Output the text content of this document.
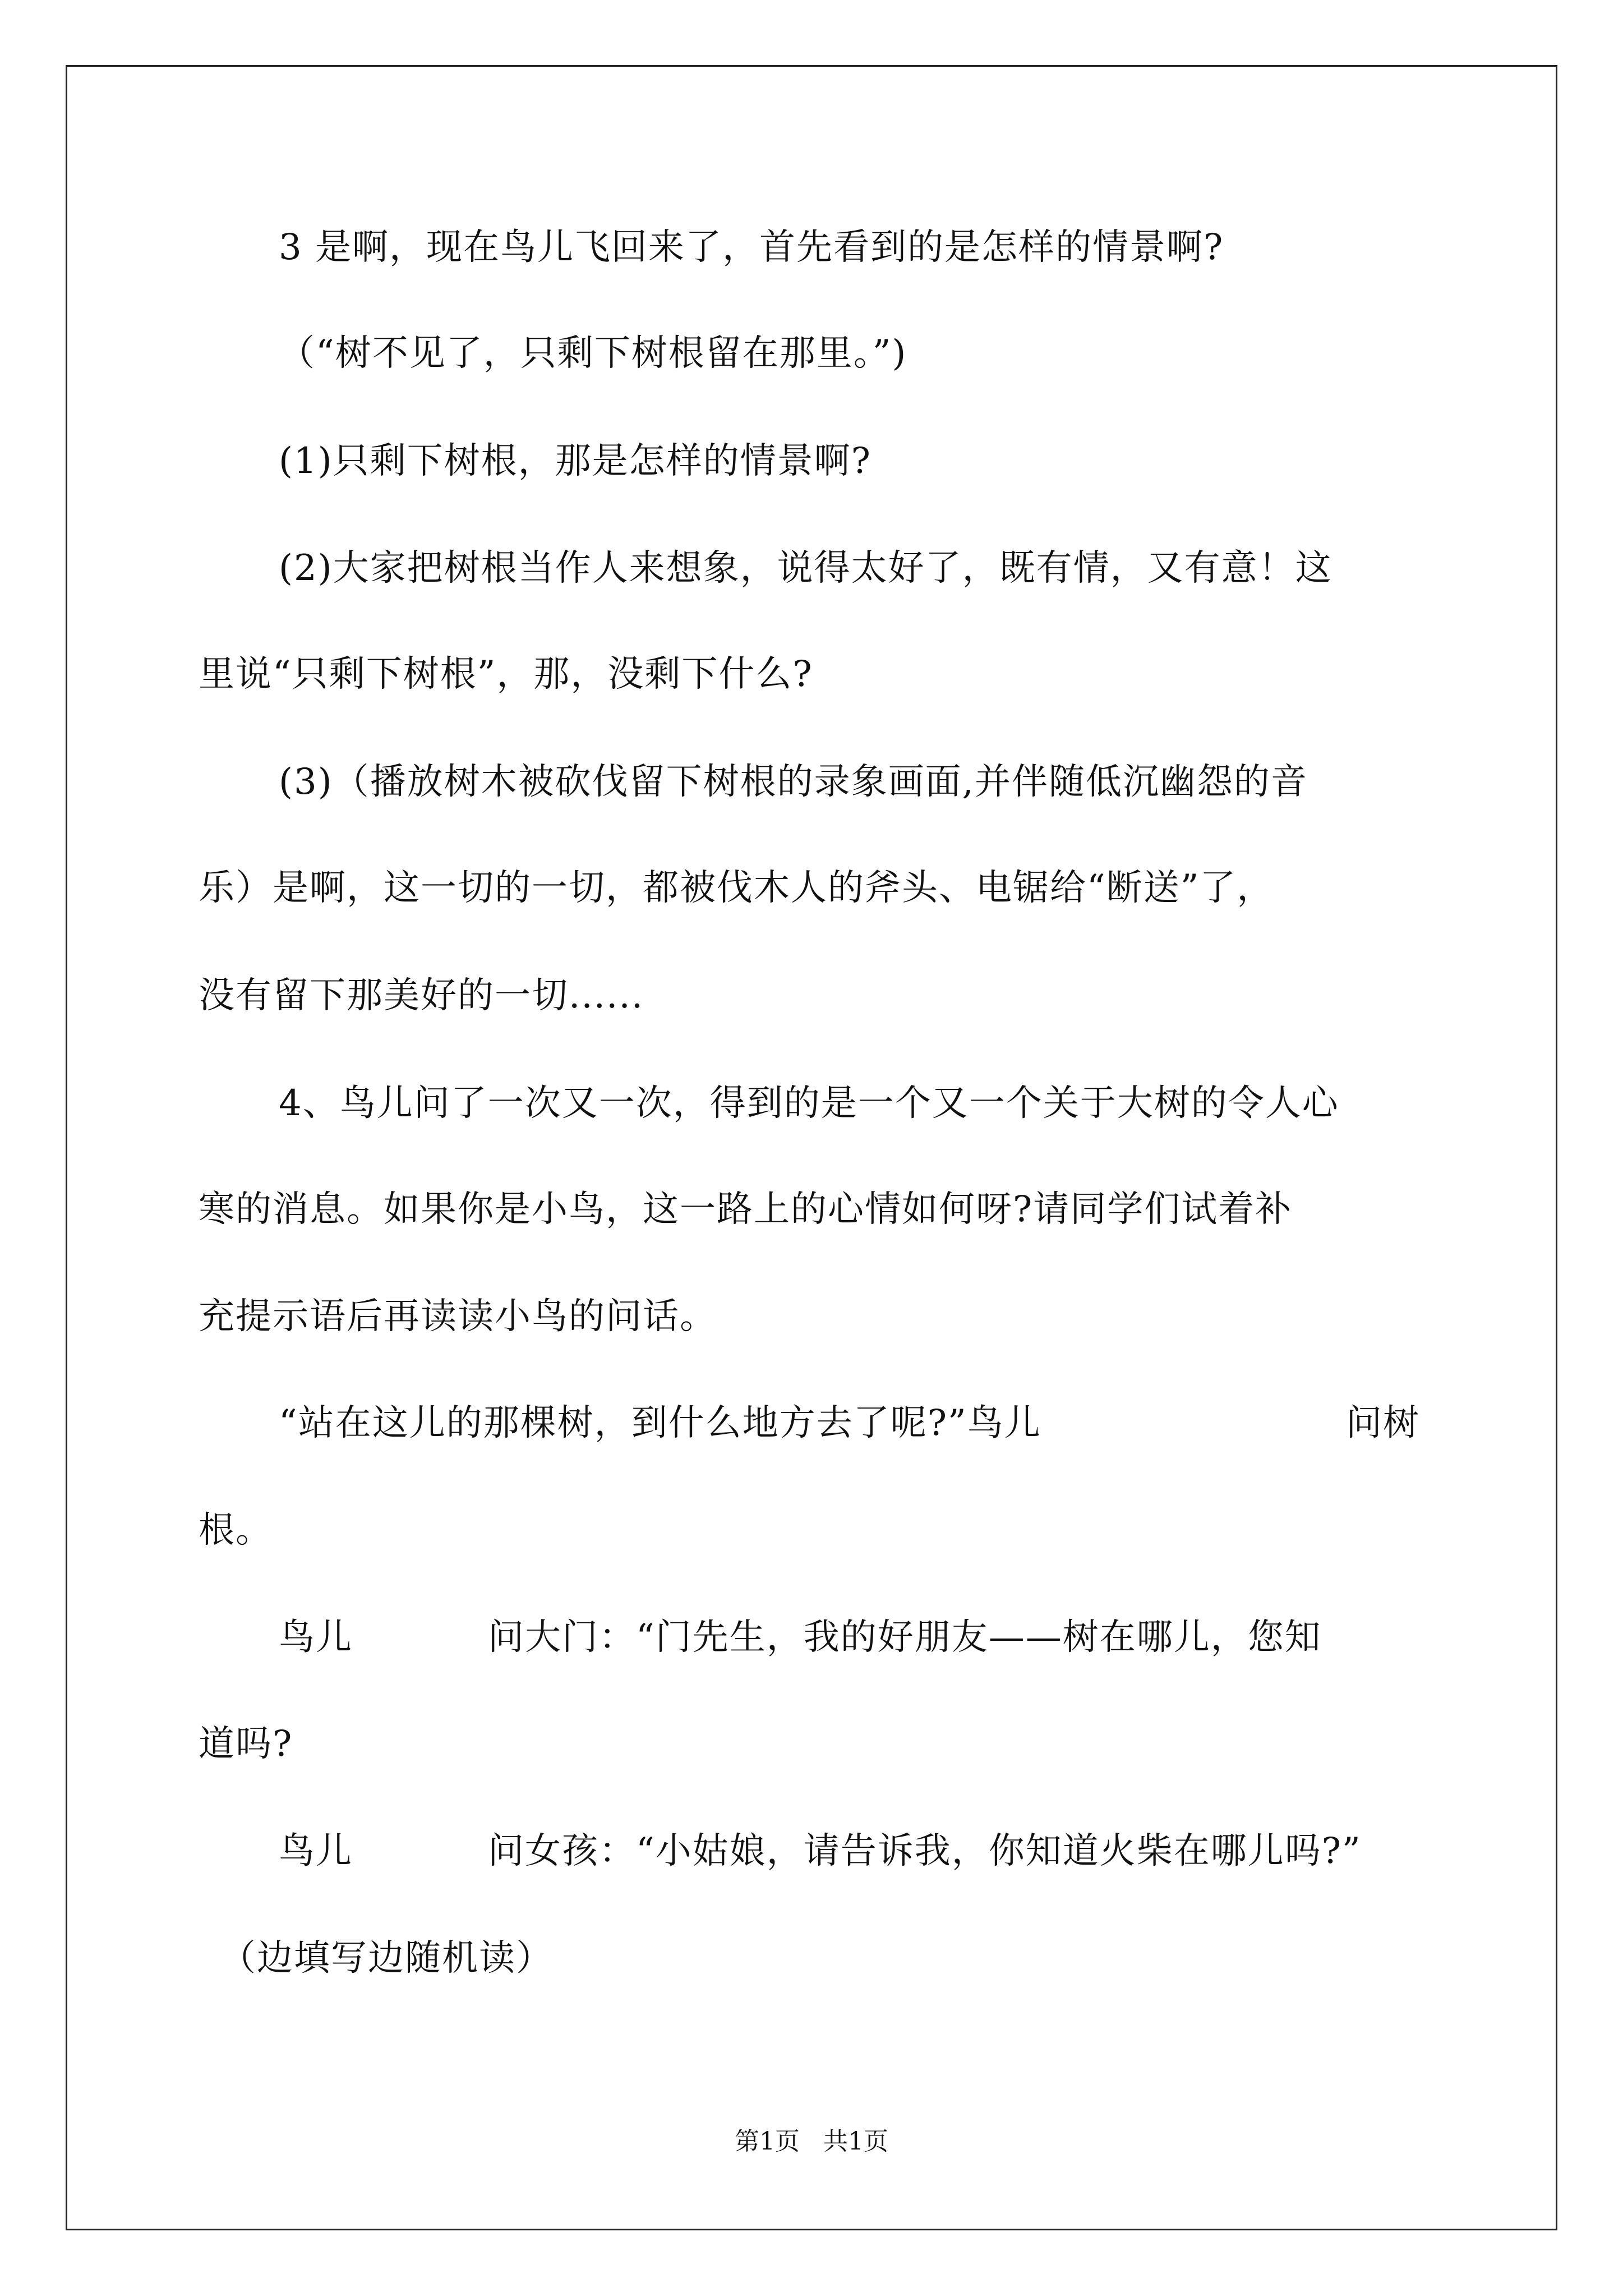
3 是啊，现在鸟儿飞回来了，首先看到的是怎样的情景啊?
（“树不见了，只剩下树根留在那里。”)
(1)只剩下树根，那是怎样的情景啊?
(2)大家把树根当作人来想象，说得太好了，既有情，又有意！这
里说“只剩下树根”，那，没剩下什么?
(3)（播放树木被砍伐留下树根的录象画面,并伴随低沉幽怨的音
乐）是啊，这一切的一切，都被伐木人的斧头、电锯给“断送”了，
没有留下那美好的一切......
4、鸟儿问了一次又一次，得到的是一个又一个关于大树的令人心
寒的消息。如果你是小鸟，这一路上的心情如何呀?请同学们试着补
充提示语后再读读小鸟的问话。
“站在这儿的那棵树，到什么地方去了呢?”鸟儿	问树
根。
鸟儿	问大门：“门先生，我的好朋友——树在哪儿，您知
道吗?
鸟儿	问女孩：“小姑娘，请告诉我，你知道火柴在哪儿吗?”
（边填写边随机读）
第1页   共1页
